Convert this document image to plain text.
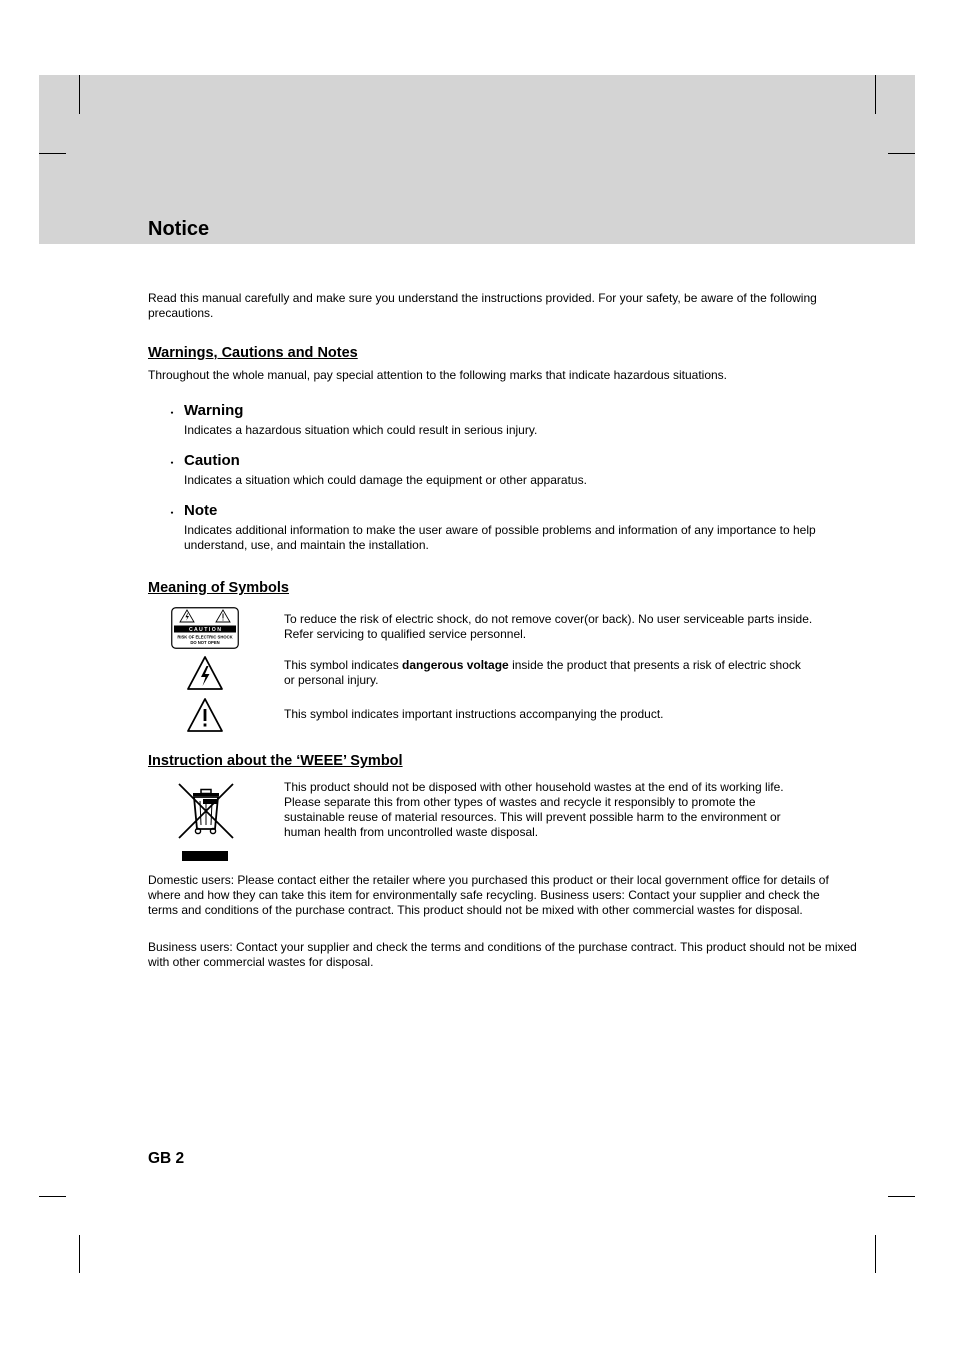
Notice

Read this manual carefully and make sure you understand the instructions provided. For your safety, be aware of the following precautions.

Warnings, Cautions and Notes

Throughout the whole manual, pay special attention to the following marks that indicate hazardous situations.

・ Warning

Indicates a hazardous situation which could result in serious injury.

・ Caution

Indicates a situation which could damage the equipment or other apparatus.

・ Note

Indicates additional information to make the user aware of possible problems and information of any importance to help understand, use, and maintain the installation.

Meaning of Symbols
C A U T I O N
RISK OF ELECTRIC SHOCK
DO NOT OPEN

To reduce the risk of electric shock, do not remove cover(or back). No user serviceable parts inside. Refer servicing to qualified service personnel.

This symbol indicates dangerous voltage inside the product that presents a risk of electric shock or personal injury.

This symbol indicates important instructions accompanying the product.

Instruction about the ‘WEEE’ Symbol

This product should not be disposed with other household wastes at the end of its working life. Please separate this from other types of wastes and recycle it responsibly to promote the sustainable reuse of material resources. This will prevent possible harm to the environment or human health from uncontrolled waste disposal.

Domestic users: Please contact either the retailer where you purchased this product or their local government office for details of where and how they can take this item for environmentally safe recycling. Business users: Contact your supplier and check the terms and conditions of the purchase contract. This product should not be mixed with other commercial wastes for disposal.

Business users: Contact your supplier and check the terms and conditions of the purchase contract. This product should not be mixed with other commercial wastes for disposal.

GB 2
